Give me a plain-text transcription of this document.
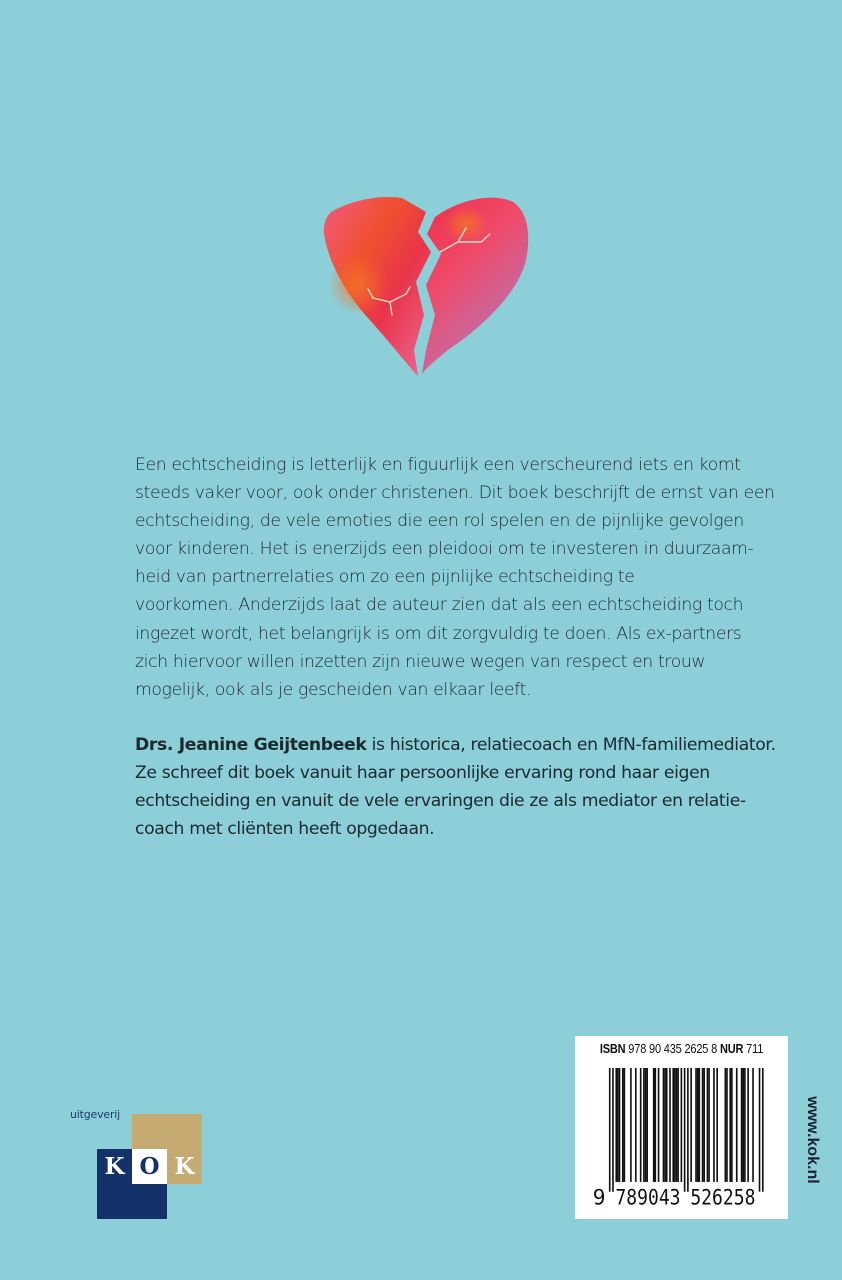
Een echtscheiding is letterlijk en figuurlijk een verscheurend iets en komt
steeds vaker voor, ook onder christenen. Dit boek beschrijft de ernst van een
echtscheiding, de vele emoties die een rol spelen en de pijnlijke gevolgen
voor kinderen. Het is enerzijds een pleidooi om te investeren in duurzaam-
heid van partnerrelaties om zo een pijnlijke echtscheiding te
voorkomen. Anderzijds laat de auteur zien dat als een echtscheiding toch
ingezet wordt, het belangrijk is om dit zorgvuldig te doen. Als ex-partners
zich hiervoor willen inzetten zijn nieuwe wegen van respect en trouw
mogelijk, ook als je gescheiden van elkaar leeft.
Drs. Jeanine Geijtenbeek is historica, relatiecoach en MfN-familiemediator.
Ze schreef dit boek vanuit haar persoonlijke ervaring rond haar eigen
echtscheiding en vanuit de vele ervaringen die ze als mediator en relatie-
coach met cliënten heeft opgedaan.
ISBN 978 90 435 2625 8 NUR 711
9 789043 526258
www.kok.nl
uitgeverij
K O K
